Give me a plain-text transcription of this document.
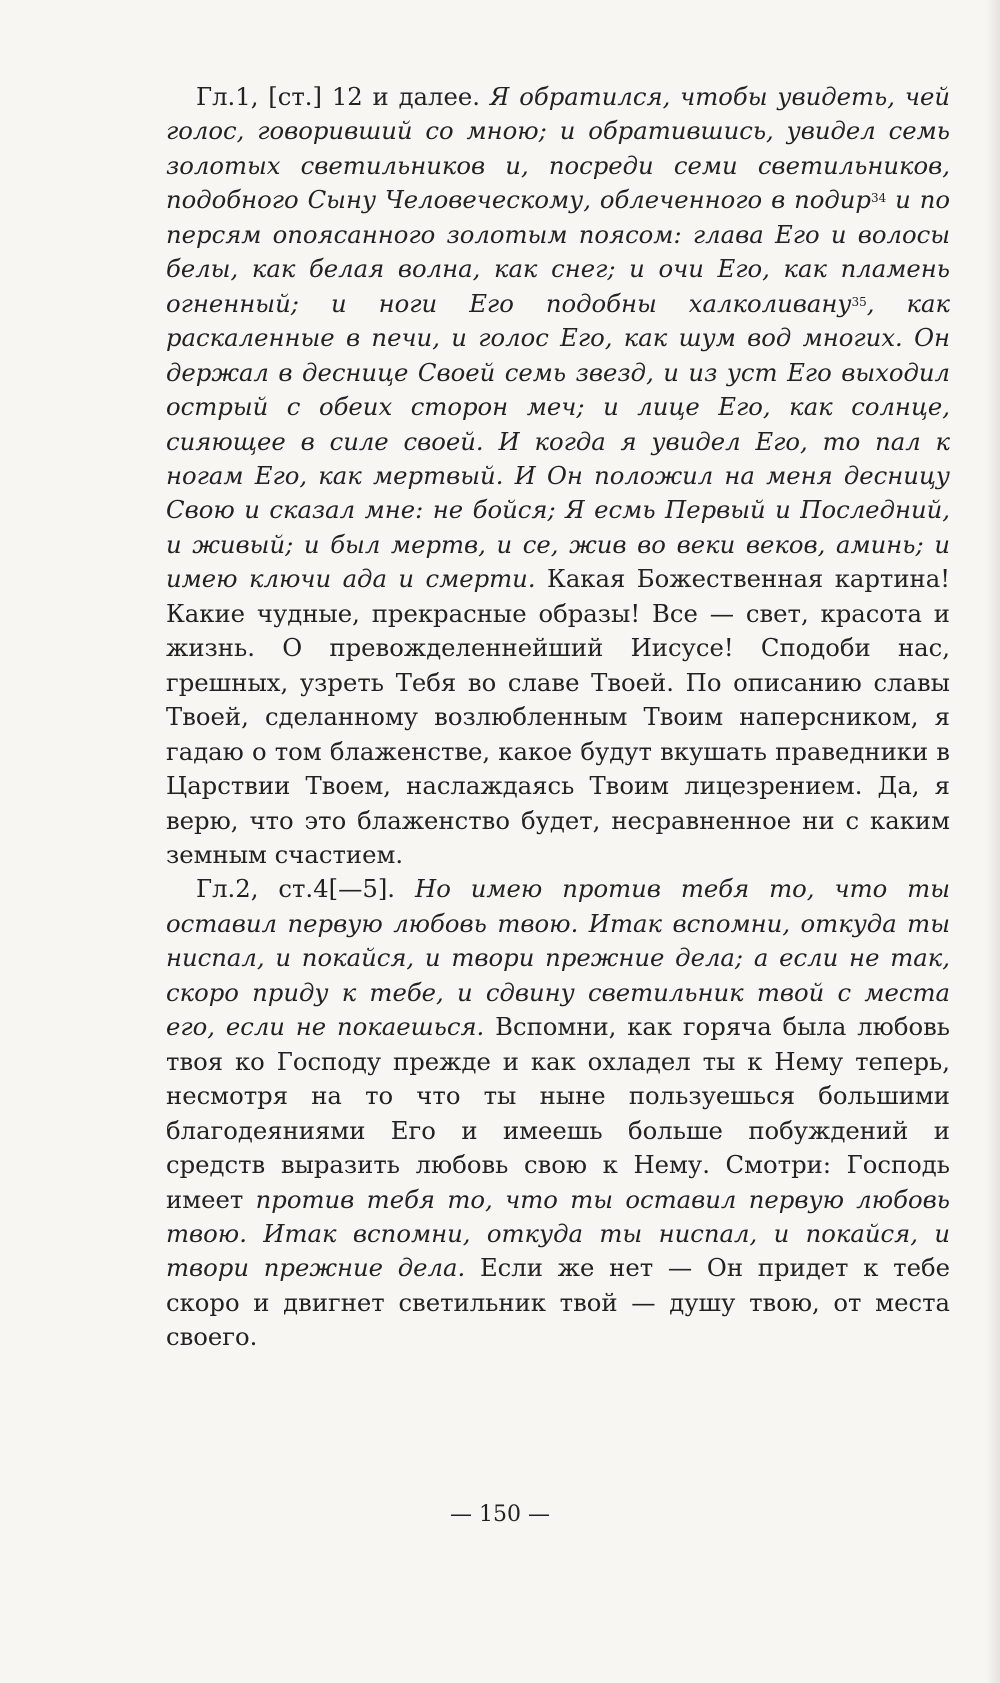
Гл.1, [ст.] 12 и далее. Я обратился, чтобы увидеть, чей голос, говоривший со мною; и обратившись, увидел семь золотых светильников и, посреди семи светильников, подобного Сыну Человеческому, облеченного в подир$^{34}$ и по персям опоясанного золотым поясом: глава Его и волосы белы, как белая волна, как снег; и очи Его, как пламень огненный; и ноги Его подобны халколивану$^{35}$, как раскаленные в печи, и голос Его, как шум вод многих. Он держал в деснице Своей семь звезд, и из уст Его выходил острый с обеих сторон меч; и лице Его, как солнце, сияющее в силе своей. И когда я увидел Его, то пал к ногам Его, как мертвый. И Он положил на меня десницу Свою и сказал мне: не бойся; Я есмь Первый и Последний, и живый; и был мертв, и се, жив во веки веков, аминь; и имею ключи ада и смерти. Какая Божественная картина! Какие чудные, прекрасные образы! Все — свет, красота и жизнь. О превожделеннейший Иисусе! Сподоби нас, грешных, узреть Тебя во славе Твоей. По описанию славы Твоей, сделанному возлюбленным Твоим наперсником, я гадаю о том блаженстве, какое будут вкушать праведники в Царствии Твоем, наслаждаясь Твоим лицезрением. Да, я верю, что это блаженство будет, несравненное ни с каким земным счастием.

Гл.2, ст.4[—5]. Но имею против тебя то, что ты оставил первую любовь твою. Итак вспомни, откуда ты ниспал, и покайся, и твори прежние дела; а если не так, скоро приду к тебе, и сдвину светильник твой с места его, если не покаешься. Вспомни, как горяча была любовь твоя ко Господу прежде и как охладел ты к Нему теперь, несмотря на то что ты ныне пользуешься большими благодеяниями Его и имеешь больше побуждений и средств выразить любовь свою к Нему. Смотри: Господь имеет против тебя то, что ты оставил первую любовь твою. Итак вспомни, откуда ты ниспал, и покайся, и твори прежние дела. Если же нет — Он придет к тебе скоро и двигнет светильник твой — душу твою, от места своего.

— 150 —
